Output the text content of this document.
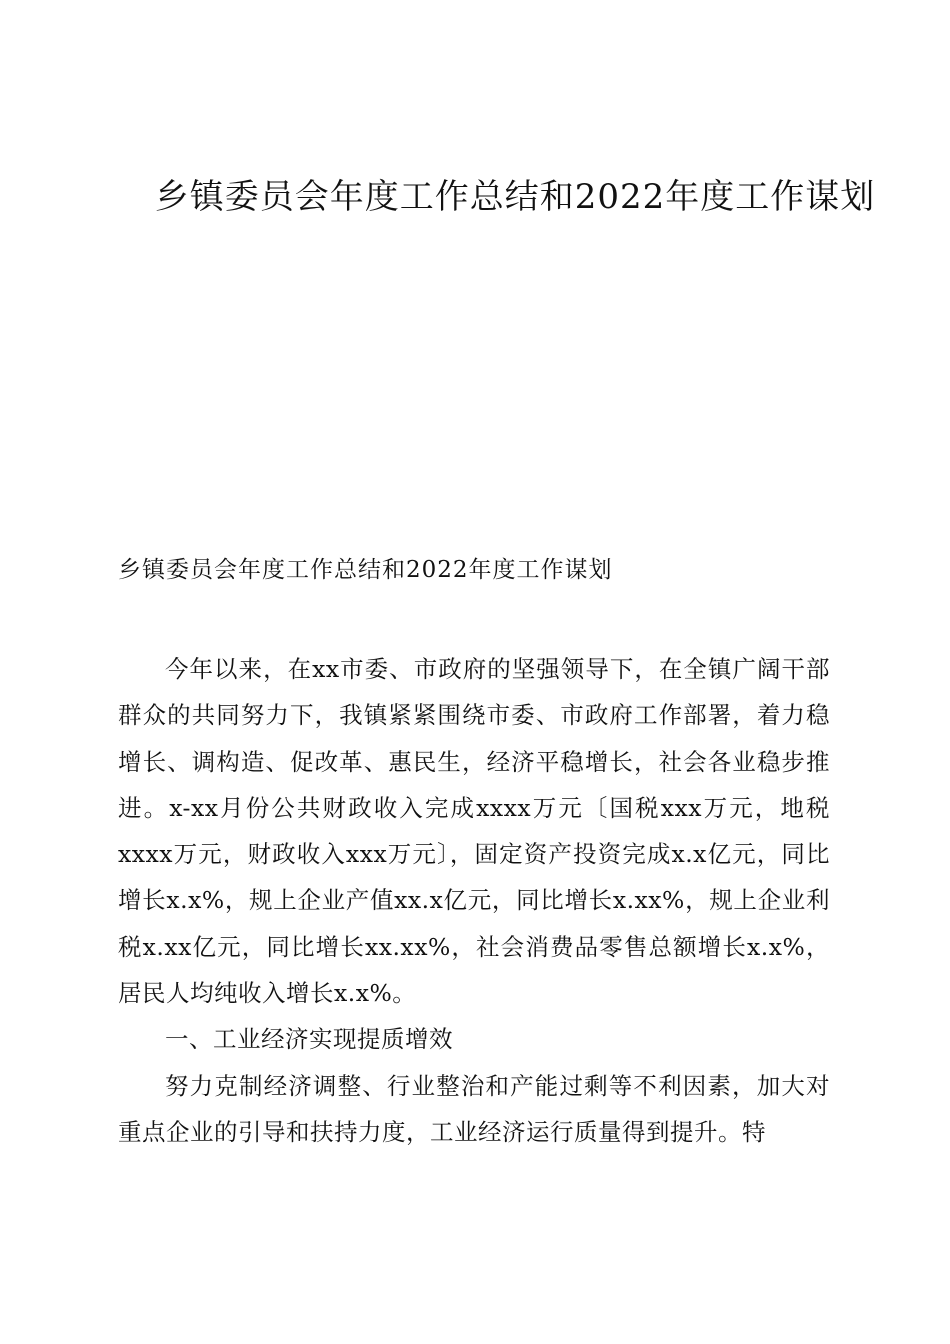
乡镇委员会年度工作总结和2022年度工作谋划

乡镇委员会年度工作总结和2022年度工作谋划

今年以来，在xx市委、市政府的坚强领导下，在全镇广阔干部群众的共同努力下，我镇紧紧围绕市委、市政府工作部署，着力稳增长、调构造、促改革、惠民生，经济平稳增长，社会各业稳步推进。x-xx月份公共财政收入完成xxxx万元〔国税xxx万元，地税xxxx万元，财政收入xxx万元〕，固定资产投资完成x.x亿元，同比增长x.x%，规上企业产值xx.x亿元，同比增长x.xx%，规上企业利税x.xx亿元，同比增长xx.xx%，社会消费品零售总额增长x.x%，居民人均纯收入增长x.x%。

一、工业经济实现提质增效

努力克制经济调整、行业整治和产能过剩等不利因素，加大对重点企业的引导和扶持力度，工业经济运行质量得到提升。特
